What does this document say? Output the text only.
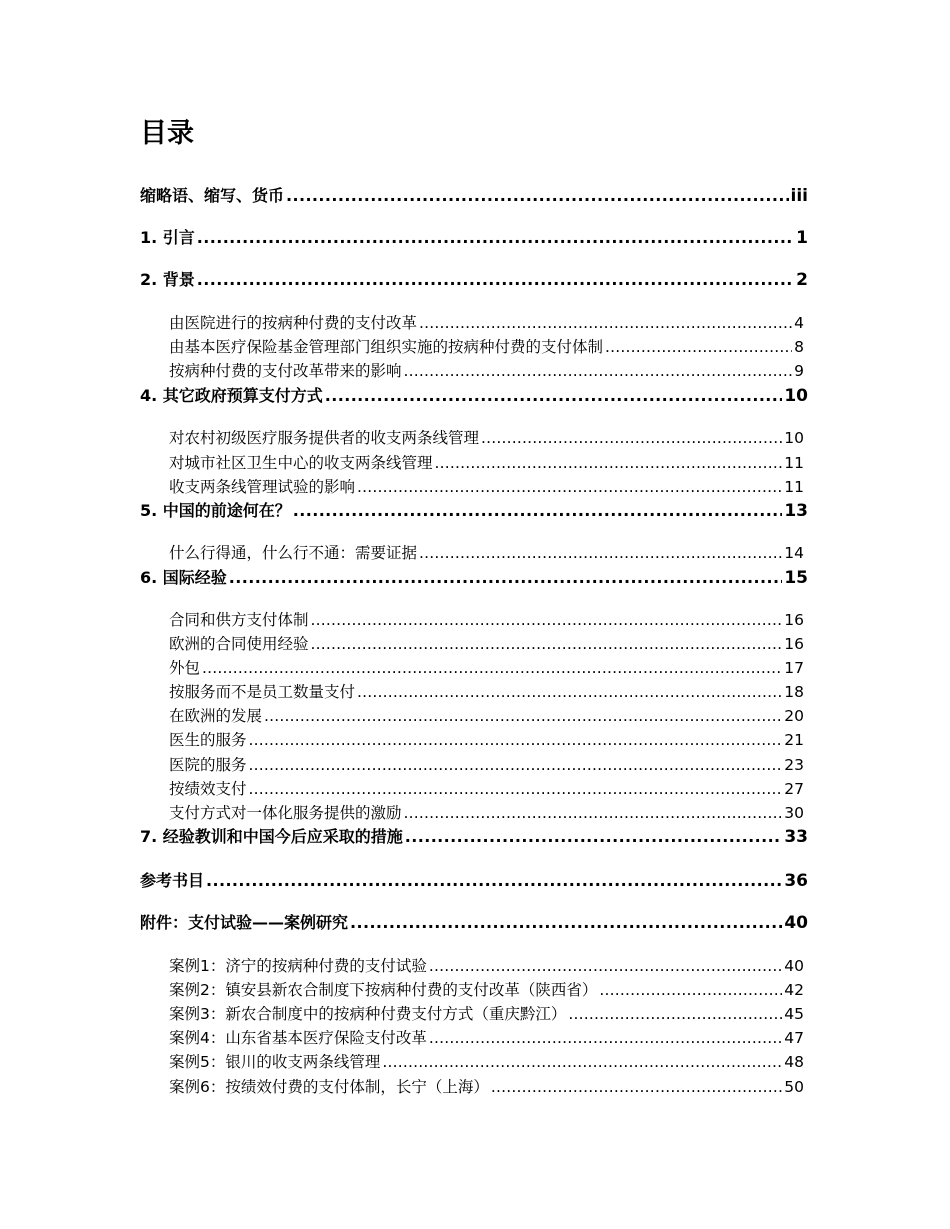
目录
缩略语、缩写、货币 .....	iii
1. 引言 .....	1
2. 背景 .....	2
由医院进行的按病种付费的支付改革 .....	4
由基本医疗保险基金管理部门组织实施的按病种付费的支付体制 .....	8
按病种付费的支付改革带来的影响 .....	9
4. 其它政府预算支付方式 .....	10
对农村初级医疗服务提供者的收支两条线管理 .....	10
对城市社区卫生中心的收支两条线管理 .....	11
收支两条线管理试验的影响 .....	11
5. 中国的前途何在？ .....	13
什么行得通，什么行不通：需要证据 .....	14
6. 国际经验 .....	15
合同和供方支付体制 .....	16
欧洲的合同使用经验 .....	16
外包 .....	17
按服务而不是员工数量支付 .....	18
在欧洲的发展 .....	20
医生的服务 .....	21
医院的服务 .....	23
按绩效支付 .....	27
支付方式对一体化服务提供的激励 .....	30
7. 经验教训和中国今后应采取的措施 .....	33
参考书目 .....	36
附件：支付试验——案例研究 .....	40
案例1：济宁的按病种付费的支付试验 .....	40
案例2：镇安县新农合制度下按病种付费的支付改革（陕西省） .....	42
案例3：新农合制度中的按病种付费支付方式（重庆黔江） .....	45
案例4：山东省基本医疗保险支付改革 .....	47
案例5：银川的收支两条线管理 .....	48
案例6：按绩效付费的支付体制，长宁（上海） .....	50
